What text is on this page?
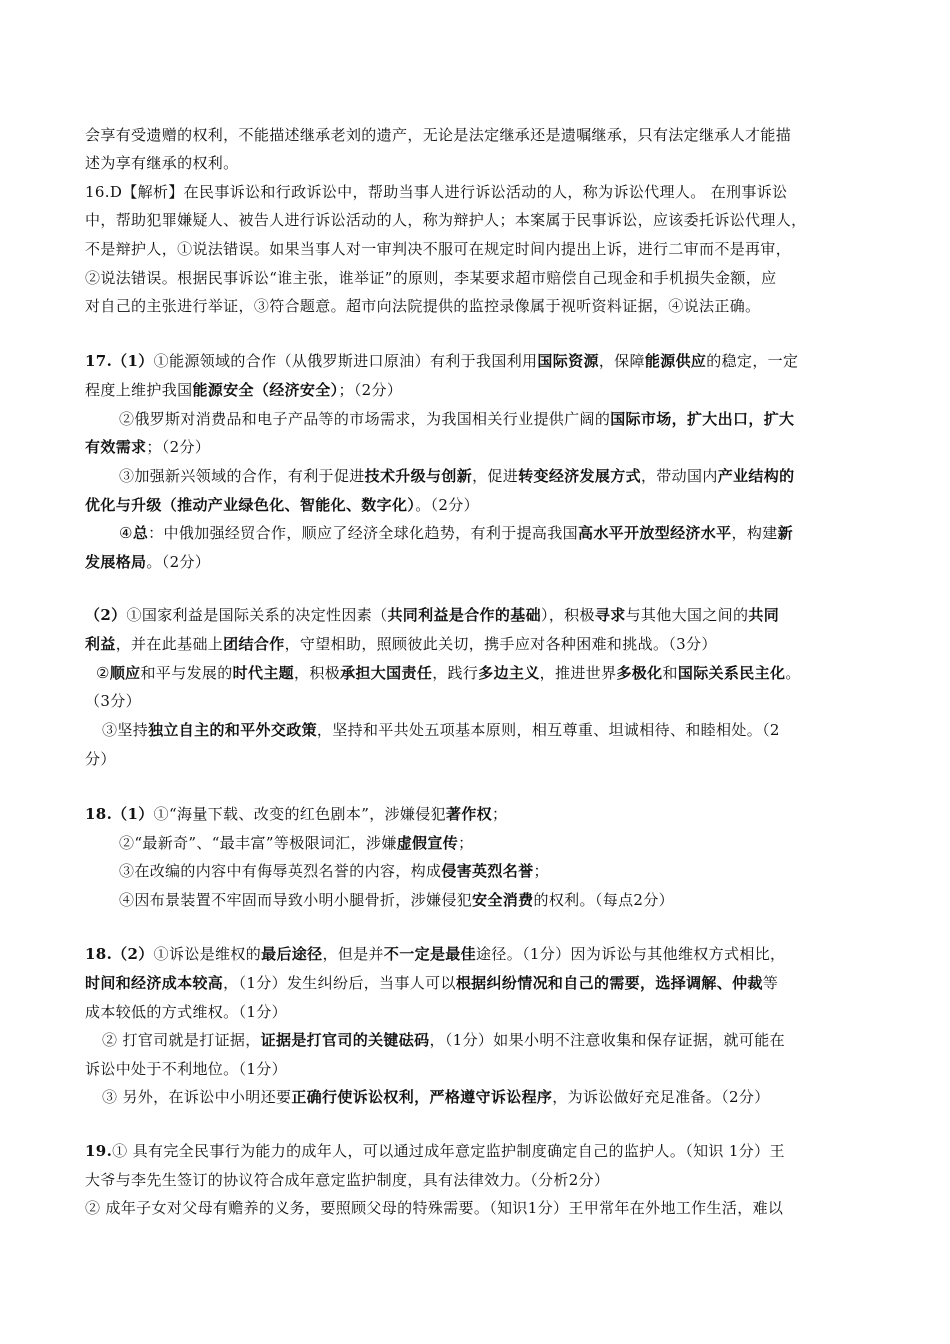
会享有受遗赠的权利，不能描述继承老刘的遗产，无论是法定继承还是遗嘱继承，只有法定继承人才能描
述为享有继承的权利。
16.D【解析】在民事诉讼和行政诉讼中，帮助当事人进行诉讼活动的人，称为诉讼代理人。 在刑事诉讼
中，帮助犯罪嫌疑人、被告人进行诉讼活动的人，称为辩护人；本案属于民事诉讼，应该委托诉讼代理人，
不是辩护人，①说法错误。如果当事人对一审判决不服可在规定时间内提出上诉，进行二审而不是再审，
②说法错误。根据民事诉讼“谁主张，谁举证”的原则，李某要求超市赔偿自己现金和手机损失金额，应
对自己的主张进行举证，③符合题意。超市向法院提供的监控录像属于视听资料证据，④说法正确。
17.（1）①能源领域的合作（从俄罗斯进口原油）有利于我国利用国际资源，保障能源供应的稳定，一定
程度上维护我国能源安全（经济安全）；（2分）
②俄罗斯对消费品和电子产品等的市场需求，为我国相关行业提供广阔的国际市场，扩大出口，扩大
有效需求；（2分）
③加强新兴领域的合作，有利于促进技术升级与创新，促进转变经济发展方式，带动国内产业结构的
优化与升级（推动产业绿色化、智能化、数字化）。（2分）
④总：中俄加强经贸合作，顺应了经济全球化趋势，有利于提高我国高水平开放型经济水平，构建新
发展格局。（2分）
（2）①国家利益是国际关系的决定性因素（共同利益是合作的基础），积极寻求与其他大国之间的共同
利益，并在此基础上团结合作，守望相助，照顾彼此关切，携手应对各种困难和挑战。（3分）
②顺应和平与发展的时代主题，积极承担大国责任，践行多边主义，推进世界多极化和国际关系民主化。
（3分）
③坚持独立自主的和平外交政策，坚持和平共处五项基本原则，相互尊重、坦诚相待、和睦相处。（2
分）
18.（1）①“海量下载、改变的红色剧本”，涉嫌侵犯著作权；
②“最新奇”、“最丰富”等极限词汇，涉嫌虚假宣传；
③在改编的内容中有侮辱英烈名誉的内容，构成侵害英烈名誉；
④因布景装置不牢固而导致小明小腿骨折，涉嫌侵犯安全消费的权利。（每点2分）
18.（2）①诉讼是维权的最后途径，但是并不一定是最佳途径。（1分）因为诉讼与其他维权方式相比，
时间和经济成本较高，（1分）发生纠纷后，当事人可以根据纠纷情况和自己的需要，选择调解、仲裁等
成本较低的方式维权。（1分）
② 打官司就是打证据，证据是打官司的关键砝码，（1分）如果小明不注意收集和保存证据，就可能在
诉讼中处于不利地位。（1分）
③ 另外，在诉讼中小明还要正确行使诉讼权利，严格遵守诉讼程序，为诉讼做好充足准备。（2分）
19.① 具有完全民事行为能力的成年人，可以通过成年意定监护制度确定自己的监护人。（知识 1分）王
大爷与李先生签订的协议符合成年意定监护制度，具有法律效力。（分析2分）
② 成年子女对父母有赡养的义务，要照顾父母的特殊需要。（知识1分）王甲常年在外地工作生活，难以
